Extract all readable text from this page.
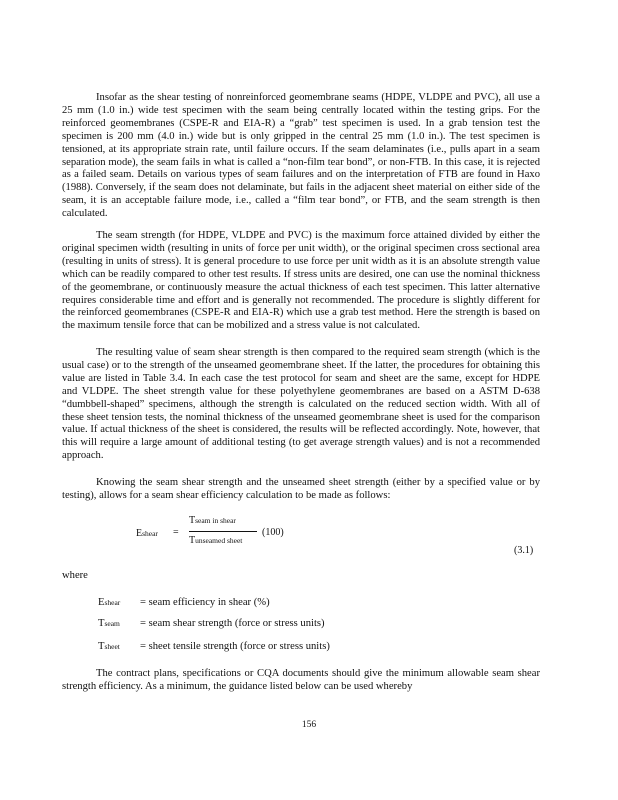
Insofar as the shear testing of nonreinforced geomembrane seams (HDPE, VLDPE and PVC), all use a 25 mm (1.0 in.) wide test specimen with the seam being centrally located within the testing grips. For the reinforced geomembranes (CSPE-R and EIA-R) a “grab” test specimen is used. In a grab tension test the specimen is 200 mm (4.0 in.) wide but is only gripped in the central 25 mm (1.0 in.). The test specimen is tensioned, at its appropriate strain rate, until failure occurs. If the seam delaminates (i.e., pulls apart in a seam separation mode), the seam fails in what is called a “non-film tear bond”, or non-FTB. In this case, it is rejected as a failed seam. Details on various types of seam failures and on the interpretation of FTB are found in Haxo (1988). Conversely, if the seam does not delaminate, but fails in the adjacent sheet material on either side of the seam, it is an acceptable failure mode, i.e., called a “film tear bond”, or FTB, and the seam strength is then calculated.

The seam strength (for HDPE, VLDPE and PVC) is the maximum force attained divided by either the original specimen width (resulting in units of force per unit width), or the original specimen cross sectional area (resulting in units of stress). It is general procedure to use force per unit width as it is an absolute strength value which can be readily compared to other test results. If stress units are desired, one can use the nominal thickness of the geomembrane, or continuously measure the actual thickness of each test specimen. This latter alternative requires considerable time and effort and is generally not recommended. The procedure is slightly different for the reinforced geomembranes (CSPE-R and EIA-R) which use a grab test method. Here the strength is based on the maximum tensile force that can be mobilized and a stress value is not calculated.

The resulting value of seam shear strength is then compared to the required seam strength (which is the usual case) or to the strength of the unseamed geomembrane sheet. If the latter, the procedures for obtaining this value are listed in Table 3.4. In each case the test protocol for seam and sheet are the same, except for HDPE and VLDPE. The sheet strength value for these polyethylene geomembranes are based on a ASTM D-638 “dumbbell-shaped” specimens, although the strength is calculated on the reduced section width. With all of these sheet tension tests, the nominal thickness of the unseamed geomembrane sheet is used for the comparison value. If actual thickness of the sheet is considered, the results will be reflected accordingly. Note, however, that this will require a large amount of additional testing (to get average strength values) and is not a recommended approach.

Knowing the seam shear strength and the unseamed sheet strength (either by a specified value or by testing), allows for a seam shear efficiency calculation to be made as follows:

Eshear =
Tseam in shear
Tunseamed sheet
(100)
(3.1)
where
Eshear = seam efficiency in shear (%)
Tseam = seam shear strength (force or stress units)
Tsheet = sheet tensile strength (force or stress units)

The contract plans, specifications or CQA documents should give the minimum allowable seam shear strength efficiency. As a minimum, the guidance listed below can be used whereby

156
